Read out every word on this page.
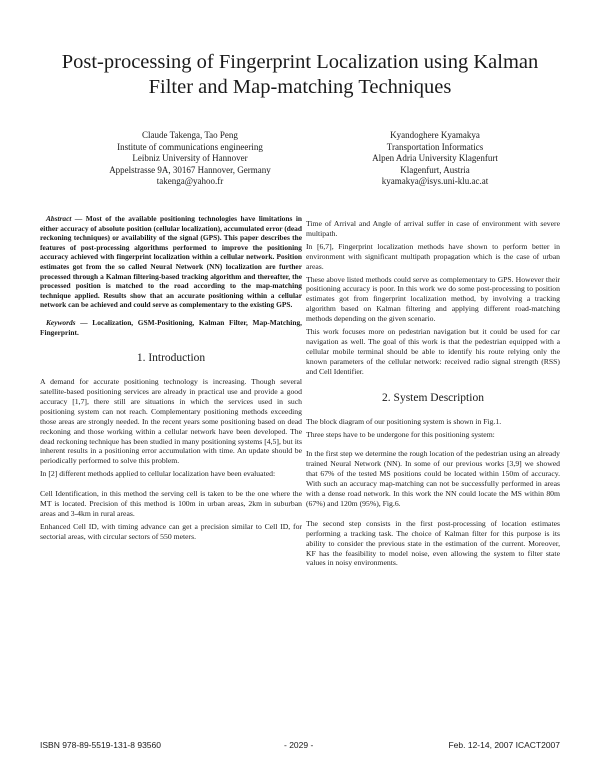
Post-processing of Fingerprint Localization using Kalman Filter and Map-matching Techniques
Claude Takenga, Tao Peng
Institute of communications engineering
Leibniz University of Hannover
Appelstrasse 9A, 30167 Hannover, Germany
takenga@yahoo.fr
Kyandoghere Kyamakya
Transportation Informatics
Alpen Adria University Klagenfurt
Klagenfurt, Austria
kyamakya@isys.uni-klu.ac.at

Abstract — Most of the available positioning technologies have limitations in either accuracy of absolute position (cellular localization), accumulated error (dead reckoning techniques) or availability of the signal (GPS). This paper describes the features of post-processing algorithms performed to improve the positioning accuracy achieved with fingerprint localization within a cellular network. Position estimates got from the so called Neural Network (NN) localization are further processed through a Kalman filtering-based tracking algorithm and thereafter, the processed position is matched to the road according to the map-matching technique applied. Results show that an accurate positioning within a cellular network can be achieved and could serve as complementary to the existing GPS.

Keywords — Localization, GSM-Positioning, Kalman Filter, Map-Matching, Fingerprint.

1. Introduction

A demand for accurate positioning technology is increasing. Though several satellite-based positioning services are already in practical use and provide a good accuracy [1,7], there still are situations in which the services used in such positioning system can not reach. Complementary positioning methods exceeding those areas are strongly needed. In the recent years some positioning based on dead reckoning and those working within a cellular network have been developed. The dead reckoning technique has been studied in many positioning systems [4,5], but its inherent results in a positioning error accumulation with time. An update should be periodically performed to solve this problem.

In [2] different methods applied to cellular localization have been evaluated:

Cell Identification, in this method the serving cell is taken to be the one where the MT is located. Precision of this method is 100m in urban areas, 2km in suburban areas and 3-4km in rural areas.

Enhanced Cell ID, with timing advance can get a precision similar to Cell ID, for sectorial areas, with circular sectors of 550 meters.

Time of Arrival and Angle of arrival suffer in case of environment with severe multipath.

In [6,7], Fingerprint localization methods have shown to perform better in environment with significant multipath propagation which is the case of urban areas.

These above listed methods could serve as complementary to GPS. However their positioning accuracy is poor. In this work we do some post-processing to position estimates got from fingerprint localization method, by involving a tracking algorithm based on Kalman filtering and applying different road-matching methods depending on the given scenario.

This work focuses more on pedestrian navigation but it could be used for car navigation as well. The goal of this work is that the pedestrian equipped with a cellular mobile terminal should be able to identify his route relying only the known parameters of the cellular network: received radio signal strength (RSS) and Cell Identifier.

2. System Description

The block diagram of our positioning system is shown in Fig.1.

Three steps have to be undergone for this positioning system:

In the first step we determine the rough location of the pedestrian using an already trained Neural Network (NN). In some of our previous works [3,9] we showed that 67% of the tested MS positions could be located within 150m of accuracy. With such an accuracy map-matching can not be successfully performed in areas with a dense road network. In this work the NN could locate the MS within 80m (67%) and 120m (95%), Fig.6.

The second step consists in the first post-processing of location estimates performing a tracking task. The choice of Kalman filter for this purpose is its ability to consider the previous state in the estimation of the current. Moreover, KF has the feasibility to model noise, even allowing the system to filter state values in noisy environments.

ISBN 978-89-5519-131-8 93560	- 2029 -	Feb. 12-14, 2007 ICACT2007
